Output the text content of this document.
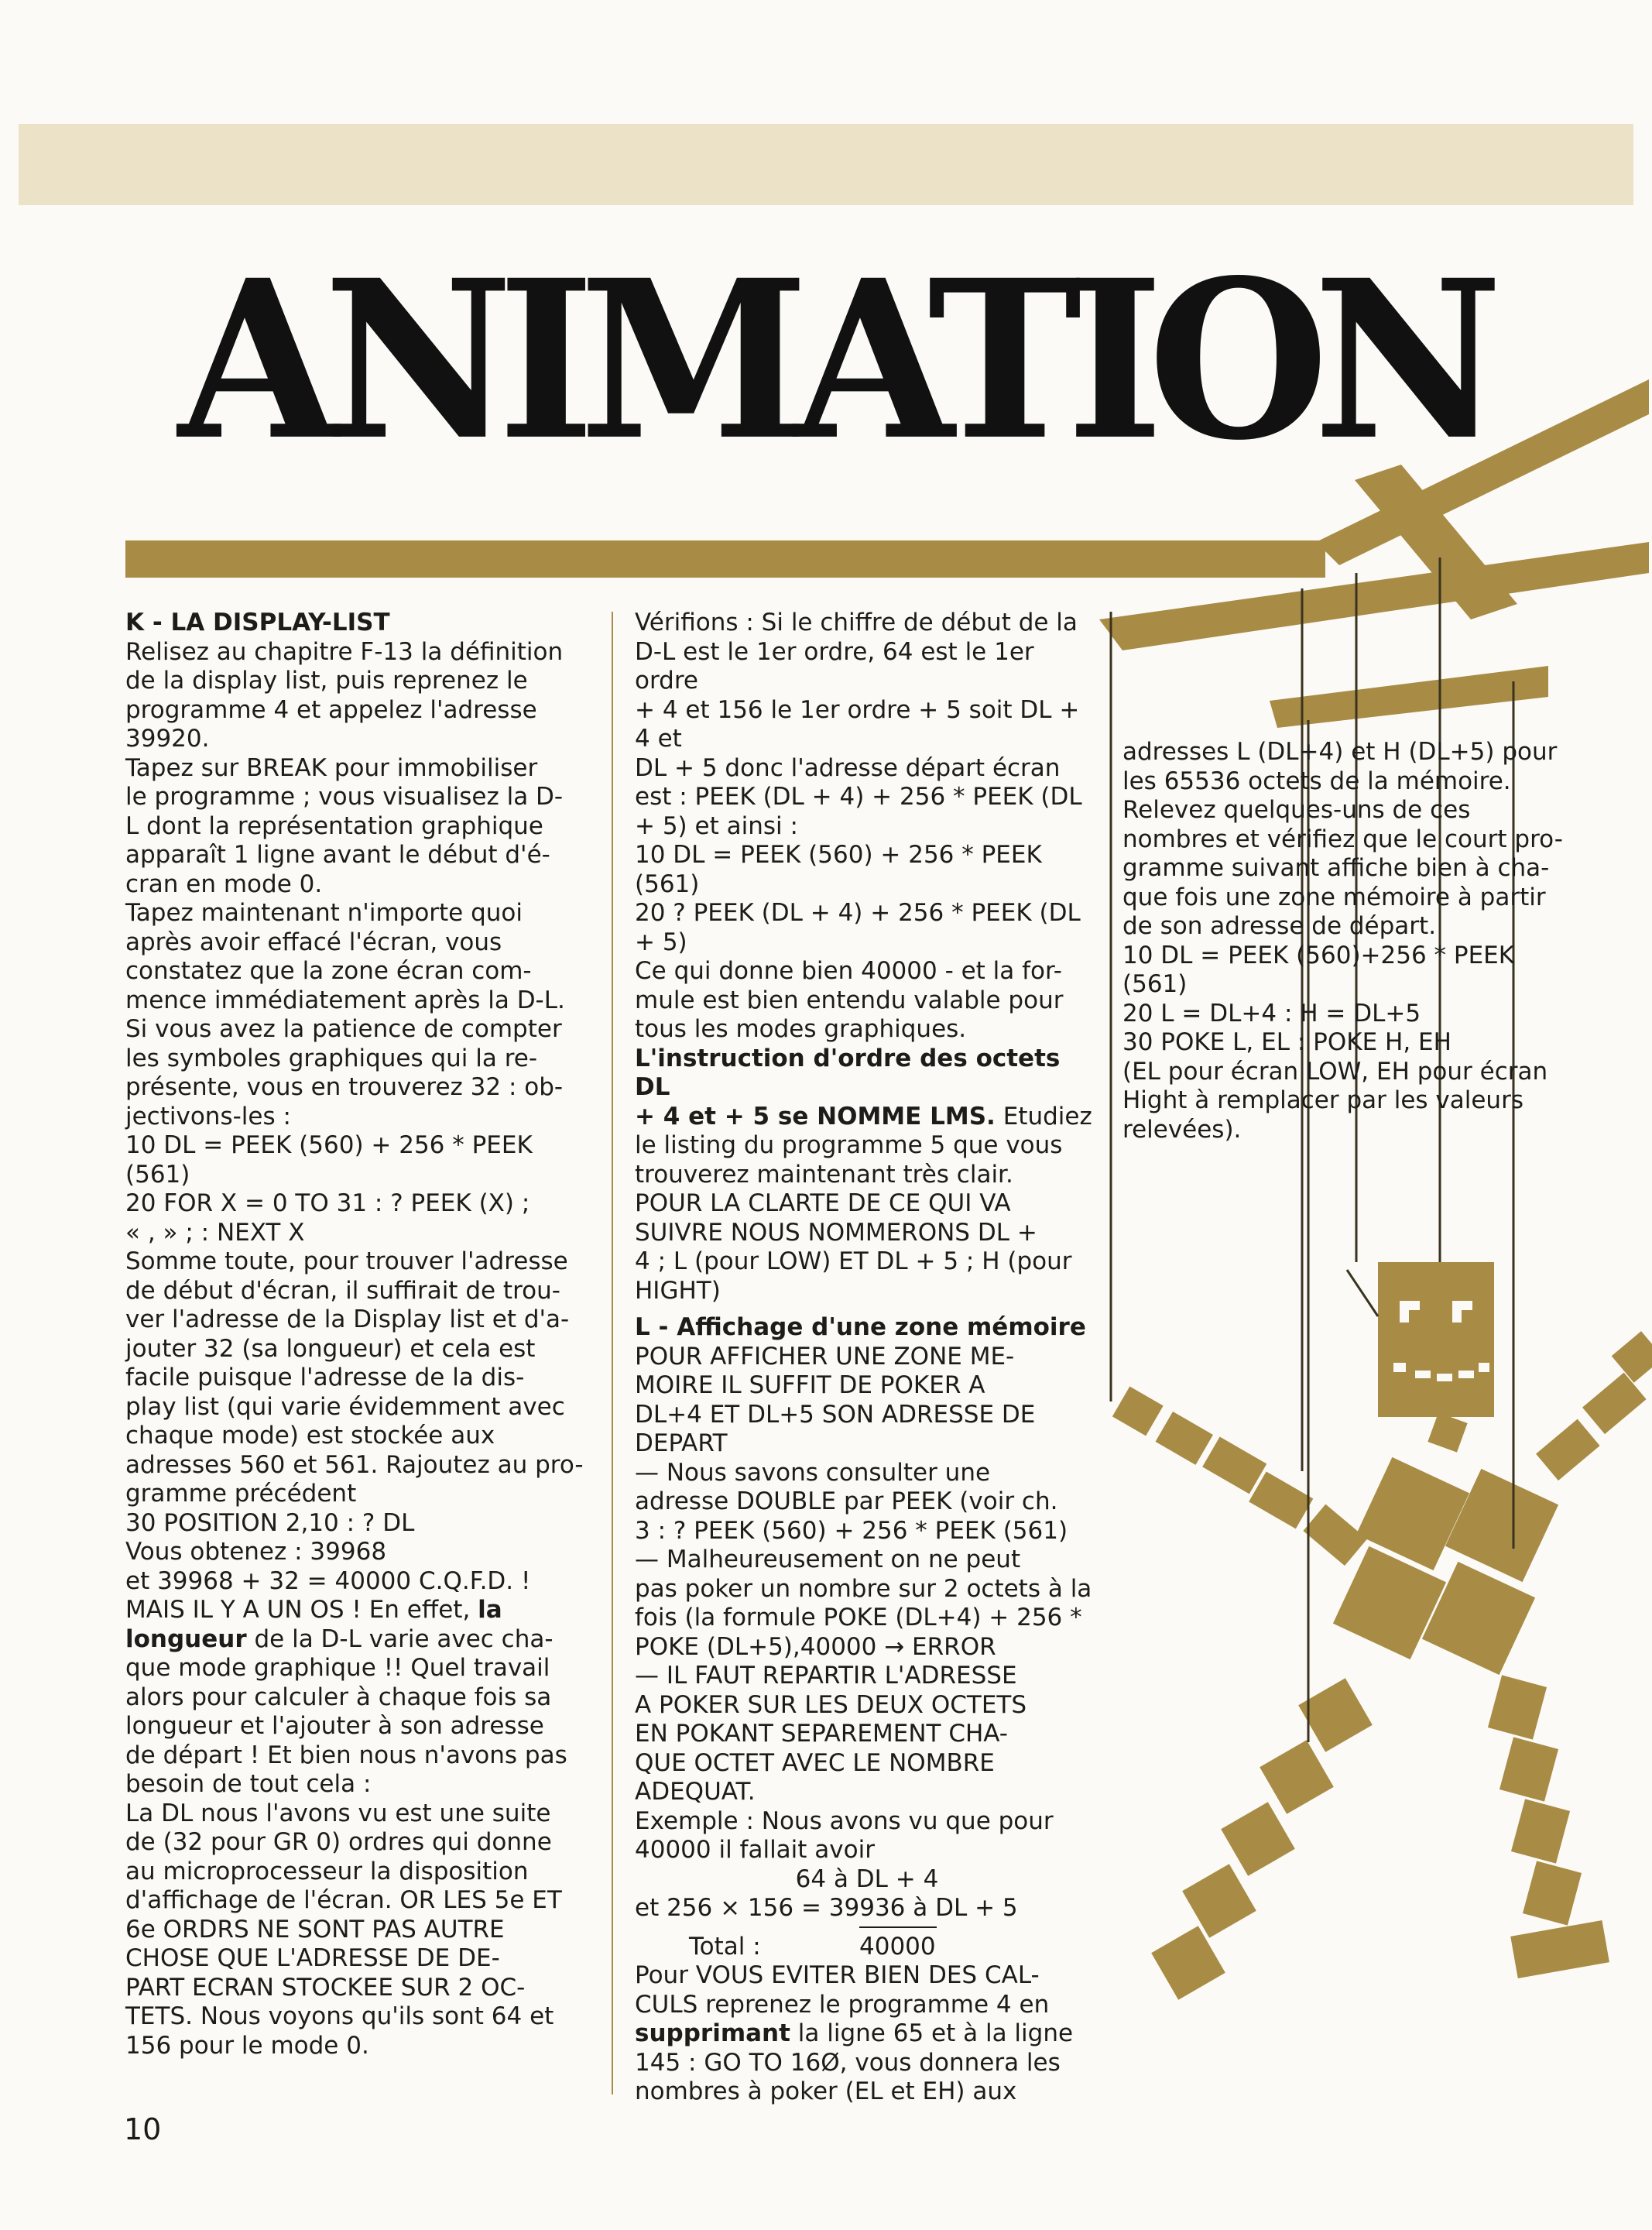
ANIMATION

K - LA DISPLAY-LIST

Relisez au chapitre F-13 la définition

de la display list, puis reprenez le

programme 4 et appelez l'adresse

39920.

Tapez sur BREAK pour immobiliser

le programme ; vous visualisez la D-

L dont la représentation graphique

apparaît 1 ligne avant le début d'é-

cran en mode 0.

Tapez maintenant n'importe quoi

après avoir effacé l'écran, vous

constatez que la zone écran com-

mence immédiatement après la D-L.

Si vous avez la patience de compter

les symboles graphiques qui la re-

présente, vous en trouverez 32 : ob-

jectivons-les :

10 DL = PEEK (560) + 256 * PEEK

(561)

20 FOR X = 0 TO 31 : ? PEEK (X) ;

« , » ; : NEXT X

Somme toute, pour trouver l'adresse

de début d'écran, il suffirait de trou-

ver l'adresse de la Display list et d'a-

jouter 32 (sa longueur) et cela est

facile puisque l'adresse de la dis-

play list (qui varie évidemment avec

chaque mode) est stockée aux

adresses 560 et 561. Rajoutez au pro-

gramme précédent

30 POSITION 2,10 : ? DL

Vous obtenez : 39968

et 39968 + 32 = 40000 C.Q.F.D. !

MAIS IL Y A UN OS ! En effet, la

longueur de la D-L varie avec cha-

que mode graphique !! Quel travail

alors pour calculer à chaque fois sa

longueur et l'ajouter à son adresse

de départ ! Et bien nous n'avons pas

besoin de tout cela :

La DL nous l'avons vu est une suite

de (32 pour GR 0) ordres qui donne

au microprocesseur la disposition

d'affichage de l'écran. OR LES 5e ET

6e ORDRS NE SONT PAS AUTRE

CHOSE QUE L'ADRESSE DE DE-

PART ECRAN STOCKEE SUR 2 OC-

TETS. Nous voyons qu'ils sont 64 et

156 pour le mode 0.

Vérifions : Si le chiffre de début de la

D-L est le 1er ordre, 64 est le 1er ordre

+ 4 et 156 le 1er ordre + 5 soit DL + 4 et

DL + 5 donc l'adresse départ écran

est : PEEK (DL + 4) + 256 * PEEK (DL

+ 5) et ainsi :

10 DL = PEEK (560) + 256 * PEEK

(561)

20 ? PEEK (DL + 4) + 256 * PEEK (DL

+ 5)

Ce qui donne bien 40000 - et la for-

mule est bien entendu valable pour

tous les modes graphiques.

L'instruction d'ordre des octets DL

+ 4 et + 5 se NOMME LMS. Etudiez

le listing du programme 5 que vous

trouverez maintenant très clair.

POUR LA CLARTE DE CE QUI VA

SUIVRE NOUS NOMMERONS DL +

4 ; L (pour LOW) ET DL + 5 ; H (pour

HIGHT)

L - Affichage d'une zone mémoire

POUR AFFICHER UNE ZONE ME-

MOIRE IL SUFFIT DE POKER A

DL+4 ET DL+5 SON ADRESSE DE

DEPART

— Nous savons consulter une

adresse DOUBLE par PEEK (voir ch.

3 : ? PEEK (560) + 256 * PEEK (561)

— Malheureusement on ne peut

pas poker un nombre sur 2 octets à la

fois (la formule POKE (DL+4) + 256 *

POKE (DL+5),40000 → ERROR

— IL FAUT REPARTIR L'ADRESSE

A POKER SUR LES DEUX OCTETS

EN POKANT SEPAREMENT CHA-

QUE OCTET AVEC LE NOMBRE

ADEQUAT.

Exemple : Nous avons vu que pour

40000 il fallait avoir

64 à DL + 4

et 256 × 156 = 39936 à DL + 5

Total :	40000

Pour VOUS EVITER BIEN DES CAL-

CULS reprenez le programme 4 en

supprimant la ligne 65 et à la ligne

145 : GO TO 16Ø, vous donnera les

nombres à poker (EL et EH) aux

adresses L (DL+4) et H (DL+5) pour

les 65536 octets de la mémoire.

Relevez quelques-uns de ces

nombres et vérifiez que le court pro-

gramme suivant affiche bien à cha-

que fois une zone mémoire à partir

de son adresse de départ.

10 DL = PEEK (560)+256 * PEEK

(561)

20 L = DL+4 : H = DL+5

30 POKE L, EL : POKE H, EH

(EL pour écran LOW, EH pour écran

Hight à remplacer par les valeurs

relevées).

10
